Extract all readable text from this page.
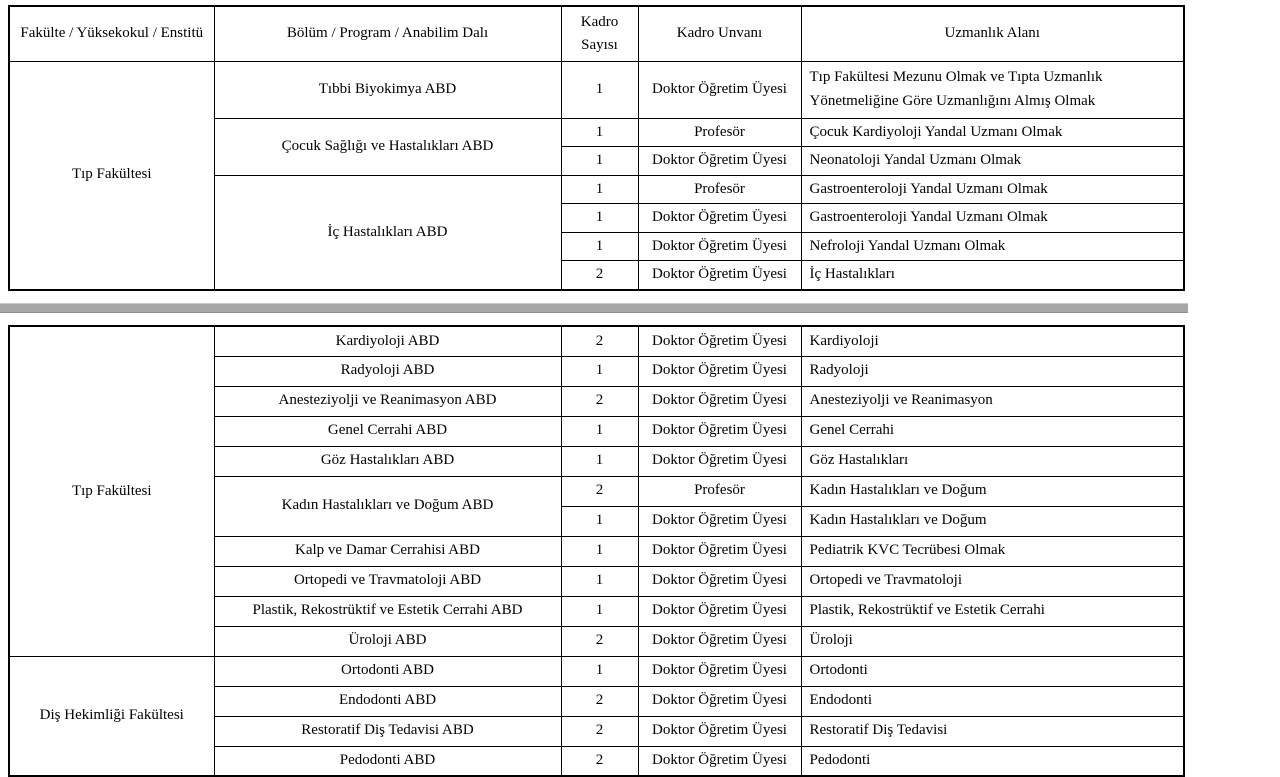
Fakülte / Yüksekokul / Enstitü	Bölüm / Program / Anabilim Dalı	Kadro Sayısı	Kadro Unvanı	Uzmanlık Alanı
Tıp Fakültesi	Tıbbi Biyokimya ABD	1	Doktor Öğretim Üyesi	Tıp Fakültesi Mezunu Olmak ve Tıpta Uzmanlık Yönetmeliğine Göre Uzmanlığını Almış Olmak
	Çocuk Sağlığı ve Hastalıkları ABD	1	Profesör	Çocuk Kardiyoloji Yandal Uzmanı Olmak
		1	Doktor Öğretim Üyesi	Neonatoloji Yandal Uzmanı Olmak
	İç Hastalıkları ABD	1	Profesör	Gastroenteroloji Yandal Uzmanı Olmak
		1	Doktor Öğretim Üyesi	Gastroenteroloji Yandal Uzmanı Olmak
		1	Doktor Öğretim Üyesi	Nefroloji Yandal Uzmanı Olmak
		2	Doktor Öğretim Üyesi	İç Hastalıkları
Tıp Fakültesi	Kardiyoloji ABD	2	Doktor Öğretim Üyesi	Kardiyoloji
	Radyoloji ABD	1	Doktor Öğretim Üyesi	Radyoloji
	Anesteziyolji ve Reanimasyon ABD	2	Doktor Öğretim Üyesi	Anesteziyolji ve Reanimasyon
	Genel Cerrahi ABD	1	Doktor Öğretim Üyesi	Genel Cerrahi
	Göz Hastalıkları ABD	1	Doktor Öğretim Üyesi	Göz Hastalıkları
	Kadın Hastalıkları ve Doğum ABD	2	Profesör	Kadın Hastalıkları ve Doğum
		1	Doktor Öğretim Üyesi	Kadın Hastalıkları ve Doğum
	Kalp ve Damar Cerrahisi ABD	1	Doktor Öğretim Üyesi	Pediatrik KVC Tecrübesi Olmak
	Ortopedi ve Travmatoloji ABD	1	Doktor Öğretim Üyesi	Ortopedi ve Travmatoloji
	Plastik, Rekostrüktif ve Estetik Cerrahi ABD	1	Doktor Öğretim Üyesi	Plastik, Rekostrüktif ve Estetik Cerrahi
	Üroloji ABD	2	Doktor Öğretim Üyesi	Üroloji
Diş Hekimliği Fakültesi	Ortodonti ABD	1	Doktor Öğretim Üyesi	Ortodonti
	Endodonti ABD	2	Doktor Öğretim Üyesi	Endodonti
	Restoratif Diş Tedavisi ABD	2	Doktor Öğretim Üyesi	Restoratif Diş Tedavisi
	Pedodonti ABD	2	Doktor Öğretim Üyesi	Pedodonti
